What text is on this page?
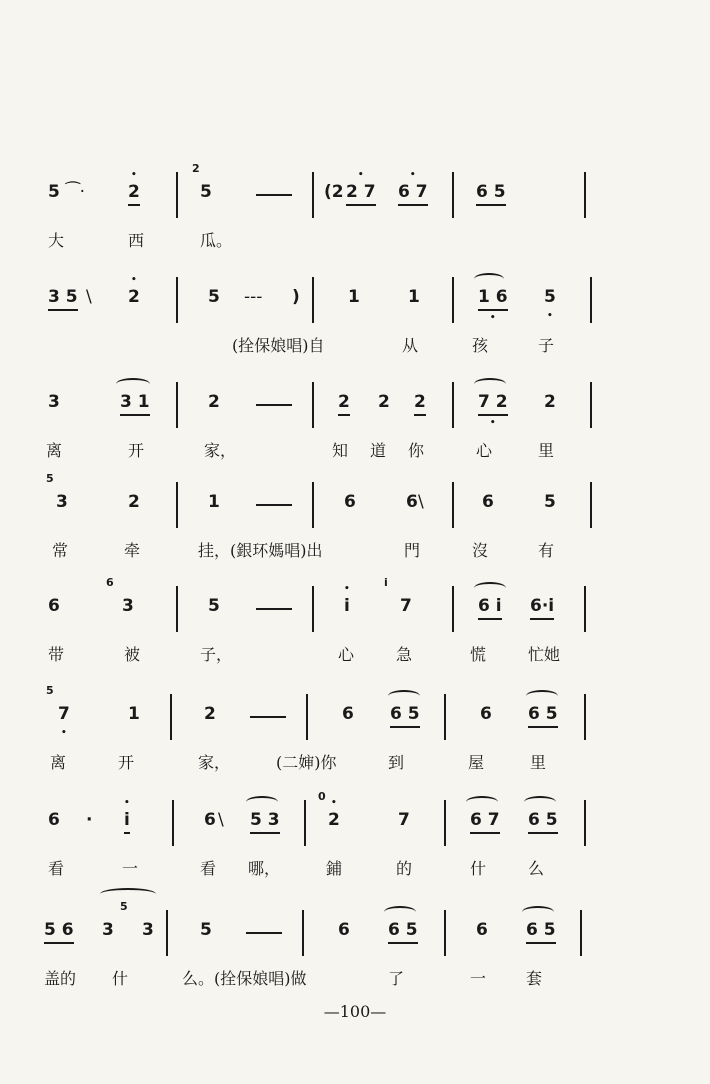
5 ⁀·	• 2
2
5	(2 • 2 7 • 6 7	6 5
大	西	瓜。
3 5 \ • 2	5 --- )	1	1	1 6 • 5 •
(拴保娘唱)自	从	孩	子
3	3 1	2	2 2 2	7 2 • 2
离	开	家，	知 道 你	心	里
5
3	2	1	6	6 \	6	5
常	牵	挂，(銀环媽唱)出	門	沒	有
6
6
3	5	• i
i
7	6 i 6·i
带	被	子，	心	急	慌	忙她
5
7 •	1	2	6 6 5	6 6 5
离	开	家，	(二婶)你	到	屋	里
6 · • i	6 \ 5 3
0
• 2	7	6 7 6 5
看	一	看 哪，	鋪	的	什	么
5 6 3
5
3	5	6 6 5	6 6 5
盖的 什	么。(拴保娘唱)做	了	一 套
—100—
